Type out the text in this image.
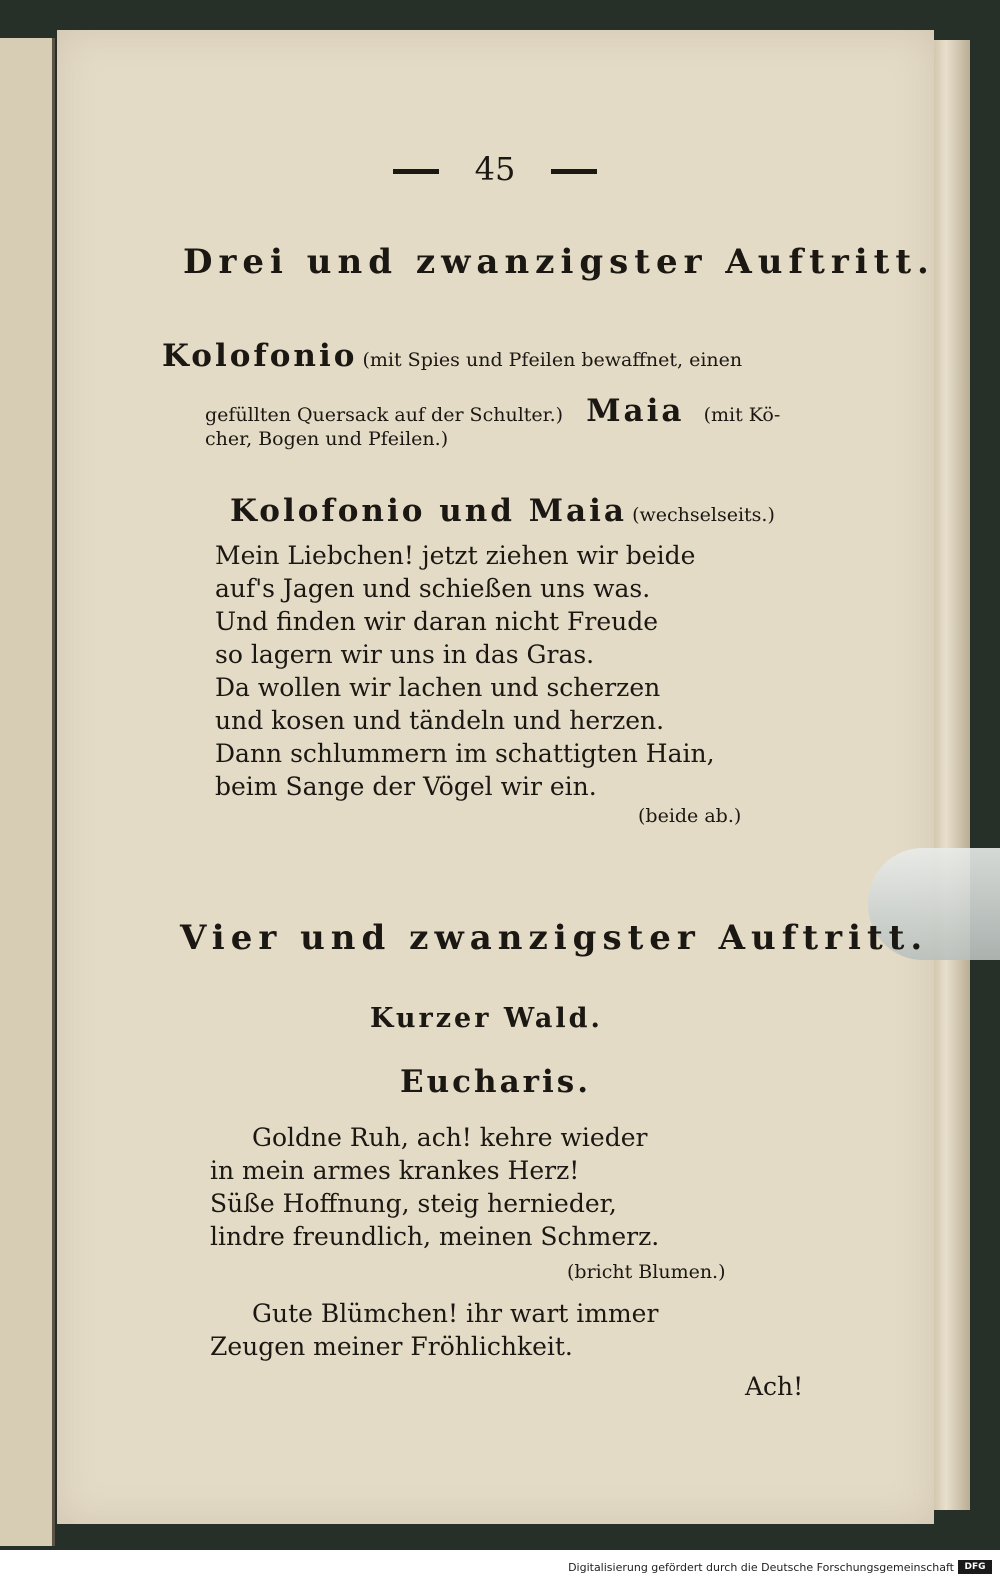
45
Drei und zwanzigster Auftritt.
Kolofonio (mit Spies und Pfeilen bewaffnet, einen
gefüllten Quersack auf der Schulter.) Maia (mit Kö-
cher, Bogen und Pfeilen.)
Kolofonio und Maia (wechselseits.)
Mein Liebchen! jetzt ziehen wir beide
auf's Jagen und schießen uns was.
Und finden wir daran nicht Freude
so lagern wir uns in das Gras.
Da wollen wir lachen und scherzen
und kosen und tändeln und herzen.
Dann schlummern im schattigten Hain,
beim Sange der Vögel wir ein.
(beide ab.)
Vier und zwanzigster Auftritt.
Kurzer Wald.
Eucharis.
Goldne Ruh, ach! kehre wieder
in mein armes krankes Herz!
Süße Hoffnung, steig hernieder,
lindre freundlich, meinen Schmerz.
(bricht Blumen.)
Gute Blümchen! ihr wart immer
Zeugen meiner Fröhlichkeit.
Ach!
Digitalisierung gefördert durch die Deutsche Forschungsgemeinschaft	DFG
